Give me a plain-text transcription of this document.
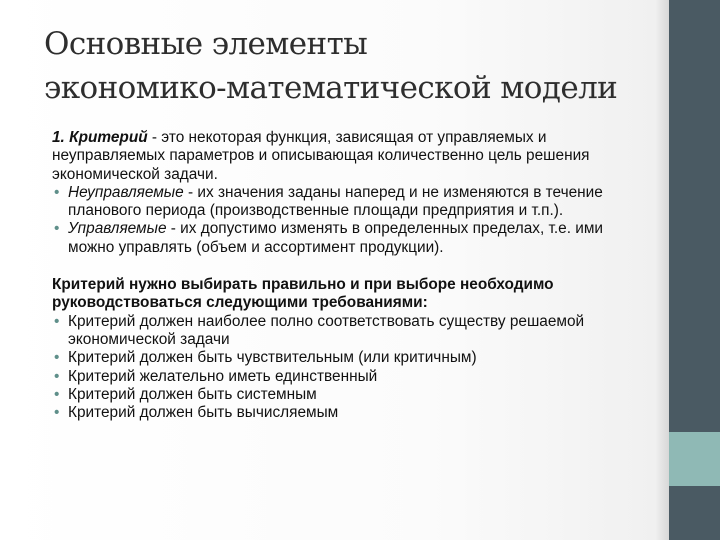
Основные элементы
экономико-математической модели

1. Критерий - это некоторая функция, зависящая от управляемых и неуправляемых параметров и описывающая количественно цель решения экономической задачи.

• Неуправляемые - их значения заданы наперед и не изменяются в течение планового периода (производственные площади предприятия и т.п.).
• Управляемые - их допустимо изменять в определенных пределах, т.е. ими можно управлять (объем и ассортимент продукции).

Критерий нужно выбирать правильно и при выборе необходимо руководствоваться следующими требованиями:

• Критерий должен наиболее полно соответствовать существу решаемой экономической задачи
• Критерий должен быть чувствительным (или критичным)
• Критерий желательно иметь единственный
• Критерий должен быть системным
• Критерий должен быть вычисляемым
